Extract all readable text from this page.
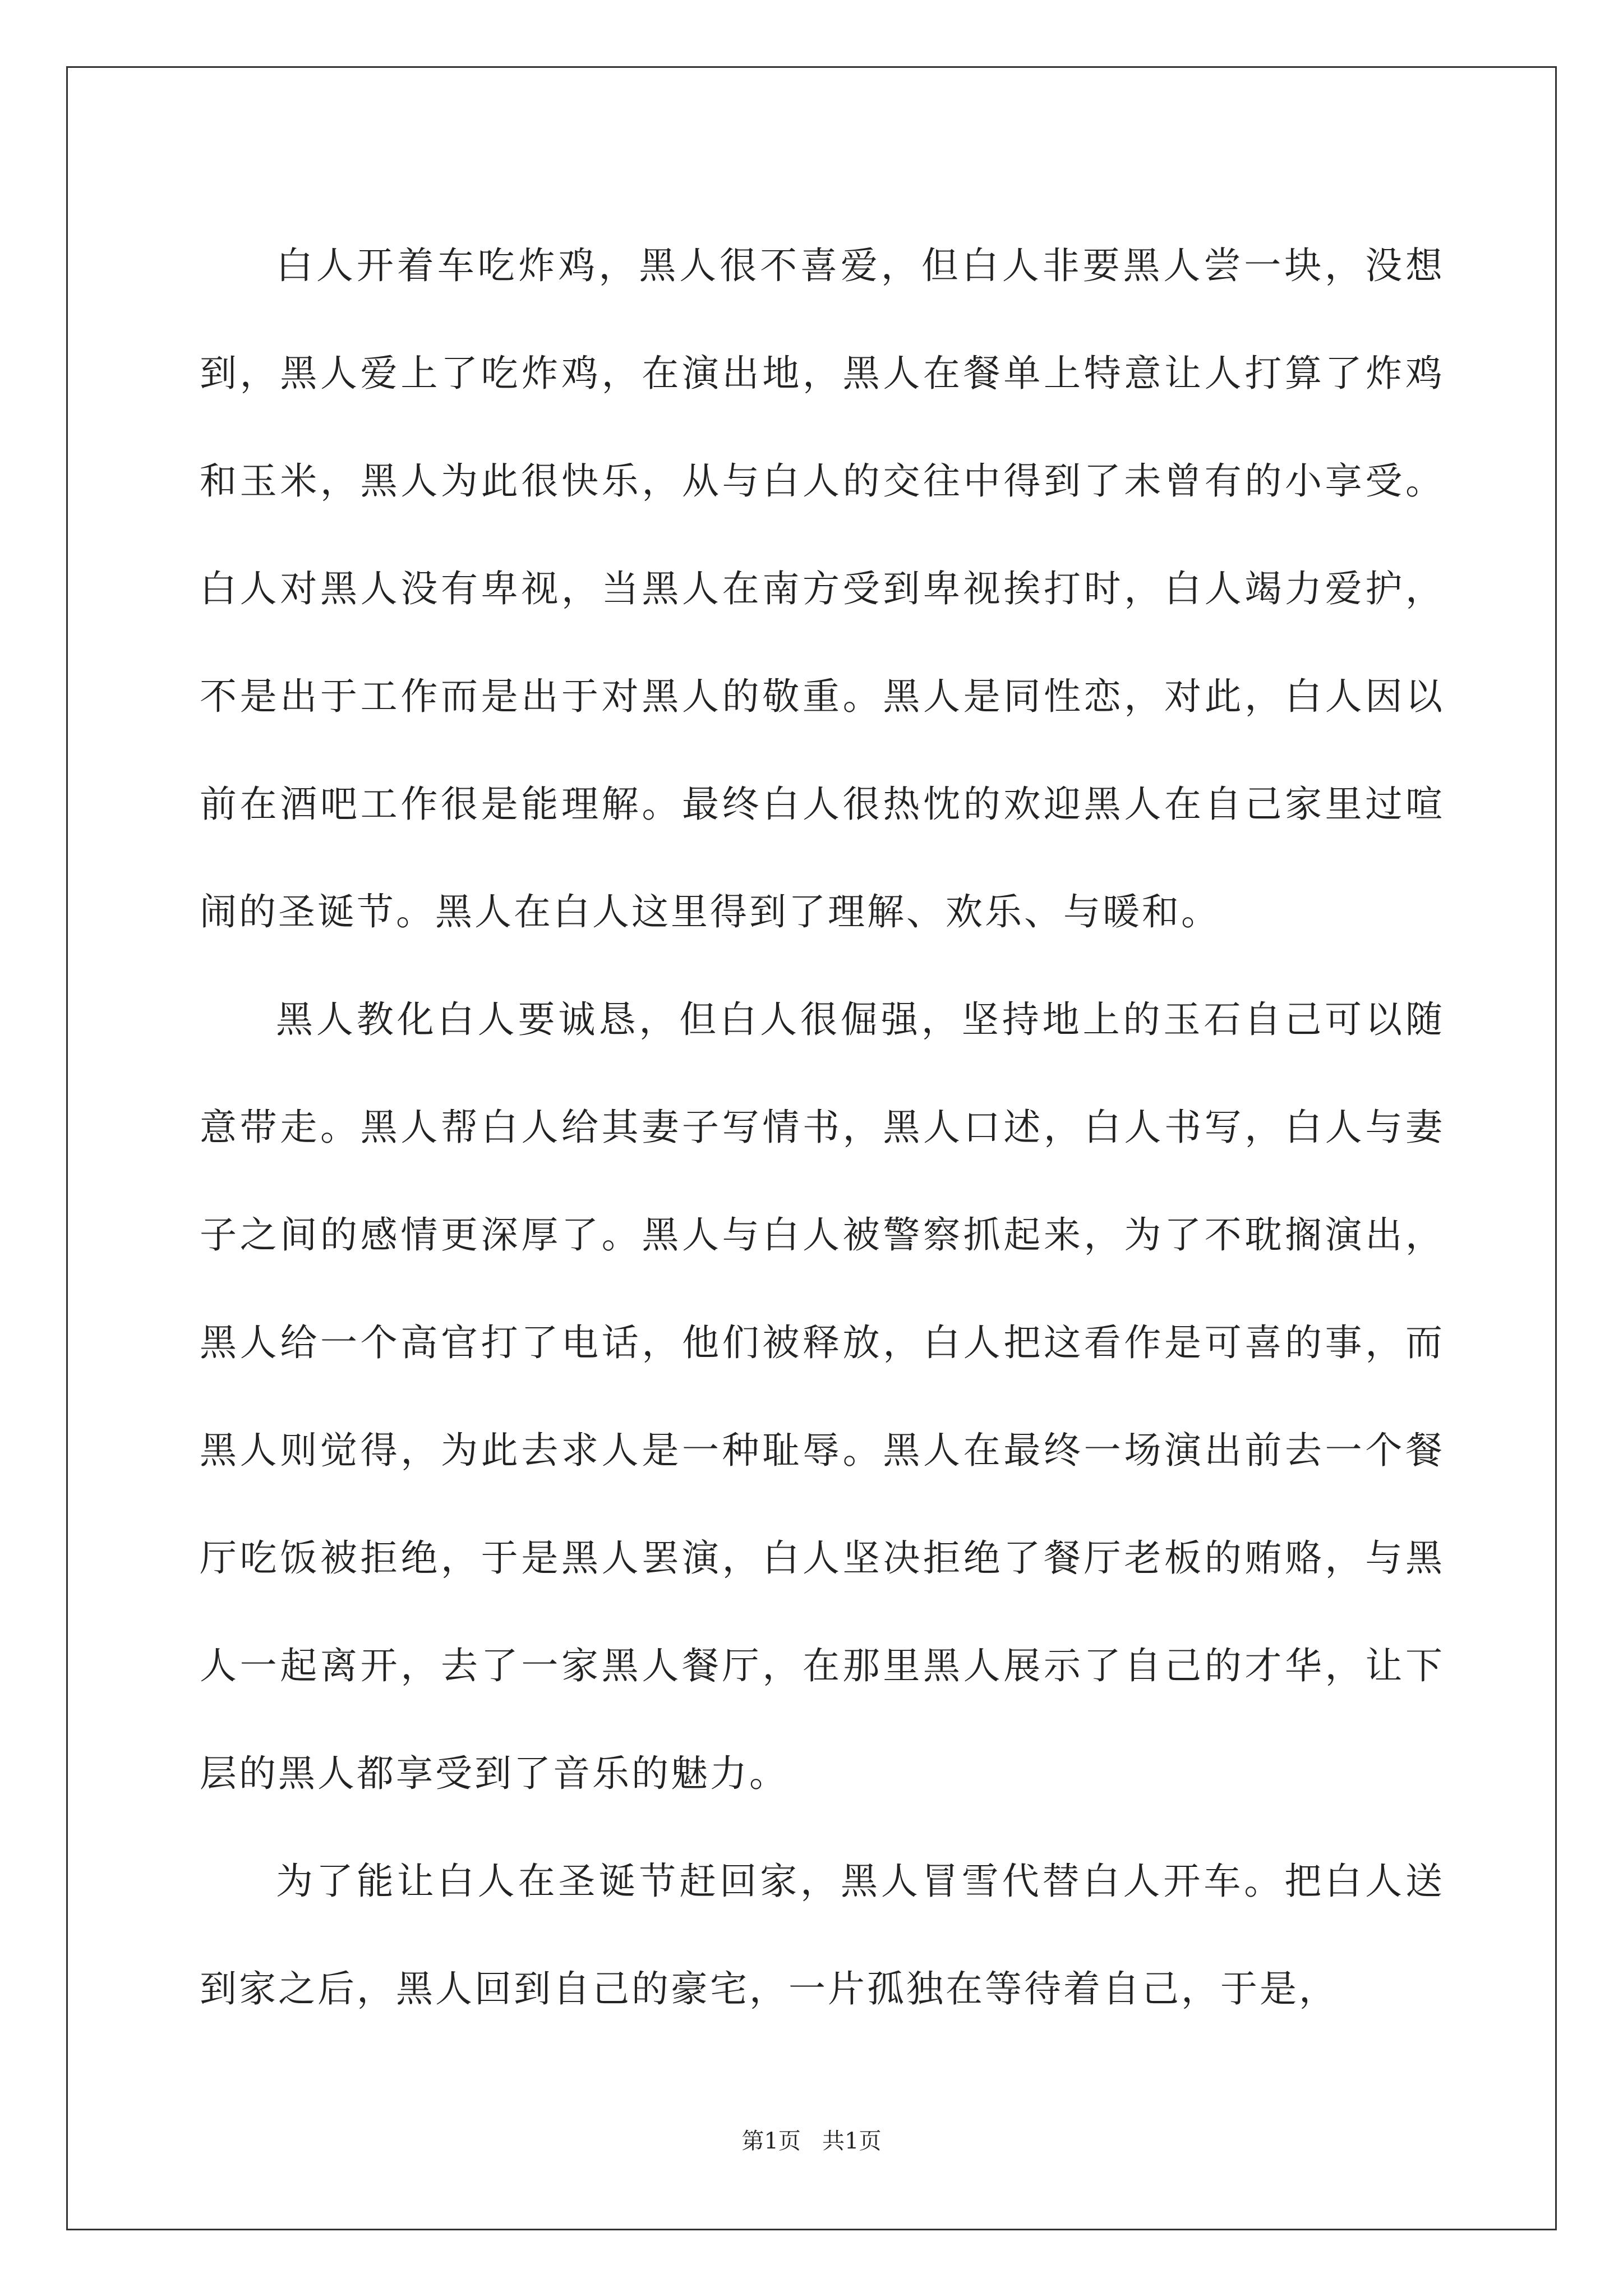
白人开着车吃炸鸡，黑人很不喜爱，但白人非要黑人尝一块，没想到，黑人爱上了吃炸鸡，在演出地，黑人在餐单上特意让人打算了炸鸡和玉米，黑人为此很快乐，从与白人的交往中得到了未曾有的小享受。白人对黑人没有卑视，当黑人在南方受到卑视挨打时，白人竭力爱护，不是出于工作而是出于对黑人的敬重。黑人是同性恋，对此，白人因以前在酒吧工作很是能理解。最终白人很热忱的欢迎黑人在自己家里过喧闹的圣诞节。黑人在白人这里得到了理解、欢乐、与暖和。

黑人教化白人要诚恳，但白人很倔强，坚持地上的玉石自己可以随意带走。黑人帮白人给其妻子写情书，黑人口述，白人书写，白人与妻子之间的感情更深厚了。黑人与白人被警察抓起来，为了不耽搁演出，黑人给一个高官打了电话，他们被释放，白人把这看作是可喜的事，而黑人则觉得，为此去求人是一种耻辱。黑人在最终一场演出前去一个餐厅吃饭被拒绝，于是黑人罢演，白人坚决拒绝了餐厅老板的贿赂，与黑人一起离开，去了一家黑人餐厅，在那里黑人展示了自己的才华，让下层的黑人都享受到了音乐的魅力。

为了能让白人在圣诞节赶回家，黑人冒雪代替白人开车。把白人送到家之后，黑人回到自己的豪宅，一片孤独在等待着自己，于是，

第1页   共1页
